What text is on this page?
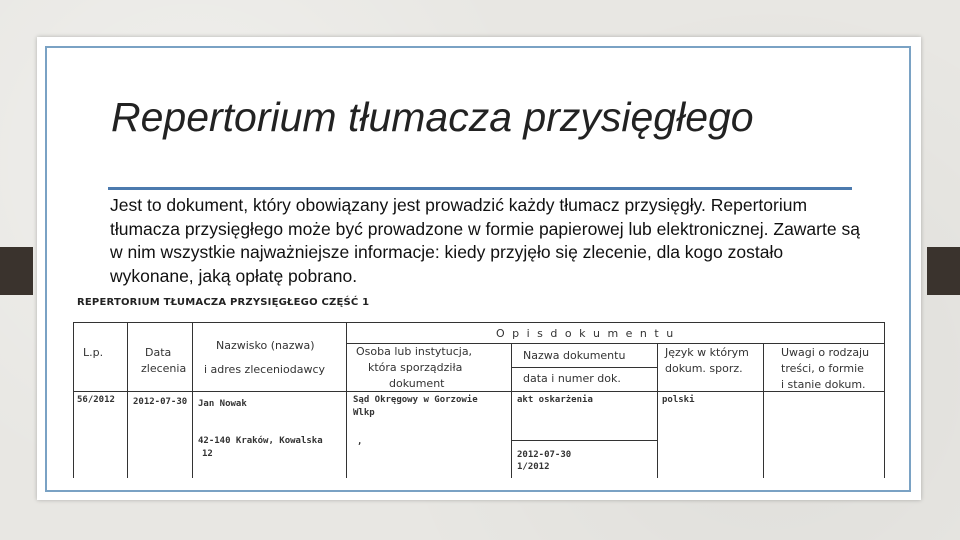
Repertorium tłumacza przysięgłego

Jest to dokument, który obowiązany jest prowadzić każdy tłumacz przysięgły. Repertorium tłumacza przysięgłego może być prowadzone w formie papierowej lub elektronicznej. Zawarte są w nim wszystkie najważniejsze informacje: kiedy przyjęło się zlecenie, dla kogo zostało wykonane, jaką opłatę pobrano.

REPERTORIUM TŁUMACZA PRZYSIĘGŁEGO CZĘŚĆ 1
O p i s d o k u m e n t u
L.p.	Data
zlecenia
Nazwisko (nazwa)
i adres zleceniodawcy
Osoba lub instytucja,
która sporządziła
dokument
Nazwa dokumentu
data i numer dok.
Język w którym
dokum. sporz.
Uwagi o rodzaju
treści, o formie
i stanie dokum.
56/2012 2012-07-30 Jan Nowak
42-140 Kraków, Kowalska
12
Sąd Okręgowy w Gorzowie
Wlkp
,
akt oskarżenia
2012-07-30
1/2012
polski
